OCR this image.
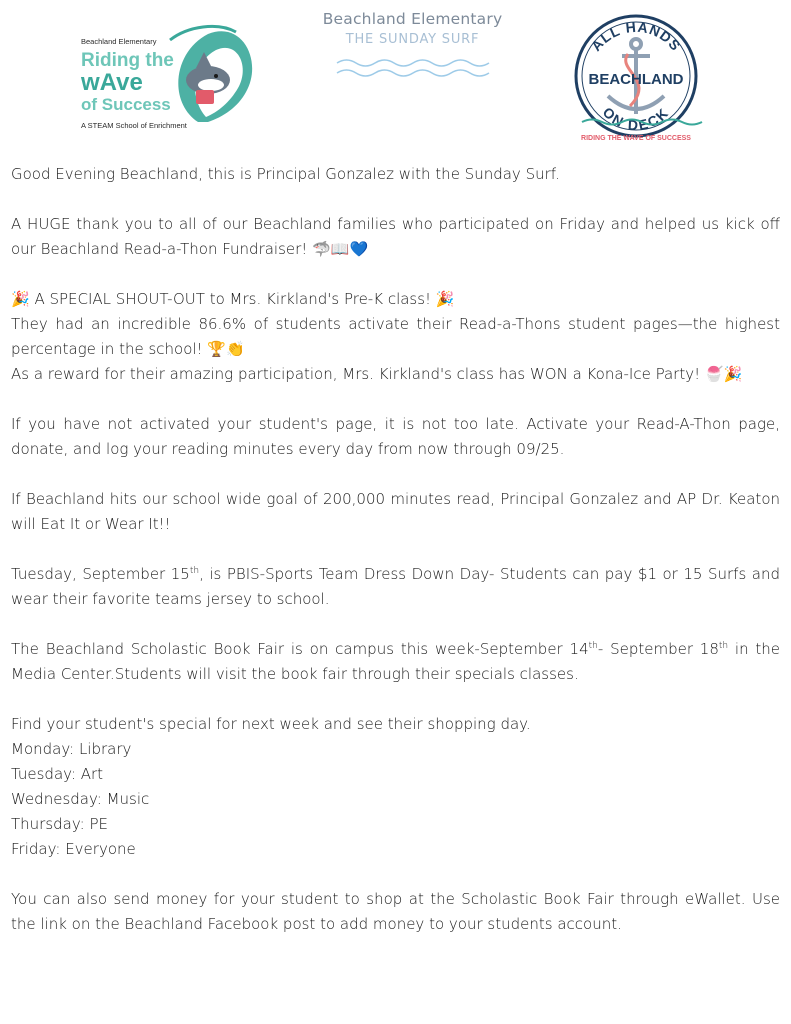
Beachland Elementary
Riding the
wAve
of Success
A STEAM School of Enrichment
Beachland Elementary
THE SUNDAY SURF	ALL HANDS
BEACHLAND
ON DECK
RIDING THE WAVE OF SUCCESS

Good Evening Beachland, this is Principal Gonzalez with the Sunday Surf.

A HUGE thank you to all of our Beachland families who participated on Friday and helped us kick off our Beachland Read-a-Thon Fundraiser! 🦈📖💙

🎉 A SPECIAL SHOUT-OUT to Mrs. Kirkland's Pre-K class! 🎉
They had an incredible 86.6% of students activate their Read-a-Thons student pages—the highest percentage in the school! 🏆👏
As a reward for their amazing participation, Mrs. Kirkland's class has WON a Kona-Ice Party! 🍧🎉

If you have not activated your student's page, it is not too late. Activate your Read-A-Thon page, donate, and log your reading minutes every day from now through 09/25.

If Beachland hits our school wide goal of 200,000 minutes read, Principal Gonzalez and AP Dr. Keaton will Eat It or Wear It!!

Tuesday, September 15th, is PBIS-Sports Team Dress Down Day- Students can pay $1 or 15 Surfs and wear their favorite teams jersey to school.

The Beachland Scholastic Book Fair is on campus this week-September 14th- September 18th in the Media Center.Students will visit the book fair through their specials classes.

Find your student's special for next week and see their shopping day.

Monday: Library

Tuesday: Art

Wednesday: Music

Thursday: PE

Friday: Everyone

You can also send money for your student to shop at the Scholastic Book Fair through eWallet. Use the link on the Beachland Facebook post to add money to your students account.
